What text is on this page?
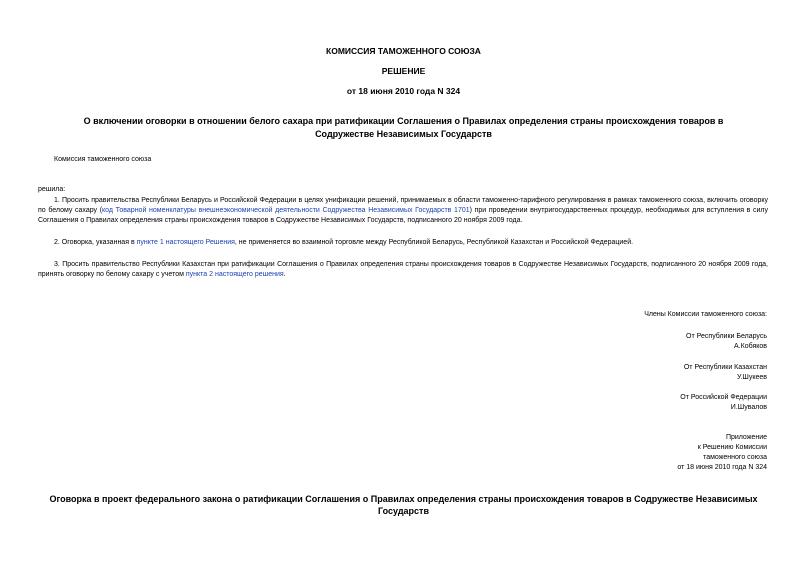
КОМИССИЯ ТАМОЖЕННОГО СОЮЗА
РЕШЕНИЕ
от 18 июня 2010 года N 324
О включении оговорки в отношении белого сахара при ратификации Соглашения о Правилах определения страны происхождения товаров в Содружестве Независимых Государств
Комиссия таможенного союза
решила:
1. Просить правительства Республики Беларусь и Российской Федерации в целях унификации решений, принимаемых в области таможенно-тарифного регулирования в рамках таможенного союза, включить оговорку по белому сахару (код Товарной номенклатуры внешнеэкономической деятельности Содружества Независимых Государств 1701) при проведении внутригосударственных процедур, необходимых для вступления в силу Соглашения о Правилах определения страны происхождения товаров в Содружестве Независимых Государств, подписанного 20 ноября 2009 года.
2. Оговорка, указанная в пункте 1 настоящего Решения, не применяется во взаимной торговле между Республикой Беларусь, Республикой Казахстан и Российской Федерацией.
3. Просить правительство Республики Казахстан при ратификации Соглашения о Правилах определения страны происхождения товаров в Содружестве Независимых Государств, подписанного 20 ноября 2009 года, принять оговорку по белому сахару с учетом пункта 2 настоящего решения.
Члены Комиссии таможенного союза:
От Республики Беларусь
А.Кобяков
От Республики Казахстан
У.Шукеев
От Российской Федерации
И.Шувалов
Приложение
к Решению Комиссии
таможенного союза
от 18 июня 2010 года N 324
Оговорка в проект федерального закона о ратификации Соглашения о Правилах определения страны происхождения товаров в Содружестве Независимых Государств
